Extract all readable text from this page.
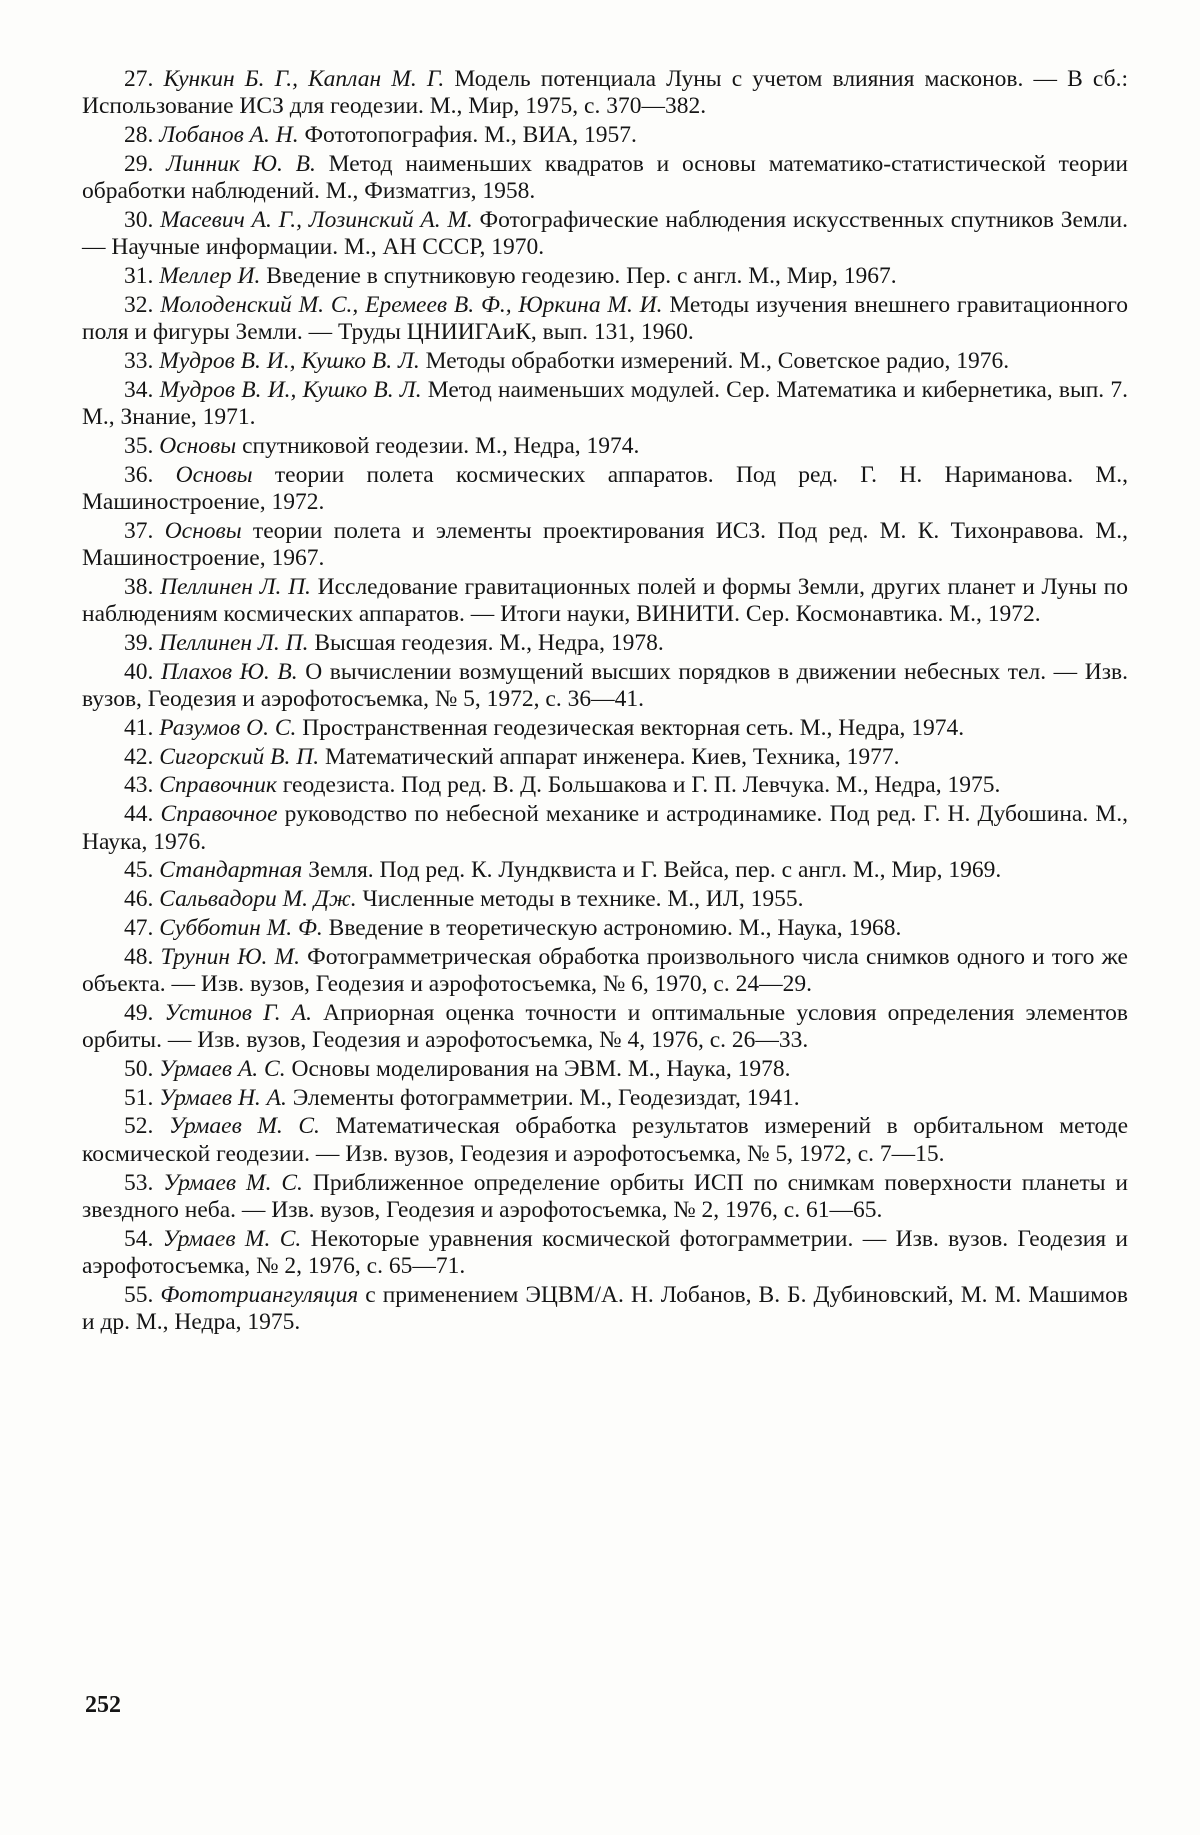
27. Кункин Б. Г., Каплан М. Г. Модель потенциала Луны с учетом влияния масконов. — В сб.: Использование ИСЗ для геодезии. М., Мир, 1975, с. 370—382.

28. Лобанов А. Н. Фототопография. М., ВИА, 1957.

29. Линник Ю. В. Метод наименьших квадратов и основы математико-статистической теории обработки наблюдений. М., Физматгиз, 1958.

30. Масевич А. Г., Лозинский А. М. Фотографические наблюдения искусственных спутников Земли. — Научные информации. М., АН СССР, 1970.

31. Меллер И. Введение в спутниковую геодезию. Пер. с англ. М., Мир, 1967.

32. Молоденский М. С., Еремеев В. Ф., Юркина М. И. Методы изучения внешнего гравитационного поля и фигуры Земли. — Труды ЦНИИГАиК, вып. 131, 1960.

33. Мудров В. И., Кушко В. Л. Методы обработки измерений. М., Советское радио, 1976.

34. Мудров В. И., Кушко В. Л. Метод наименьших модулей. Сер. Математика и кибернетика, вып. 7. М., Знание, 1971.

35. Основы спутниковой геодезии. М., Недра, 1974.

36. Основы теории полета космических аппаратов. Под ред. Г. Н. Наримановa. М., Машиностроение, 1972.

37. Основы теории полета и элементы проектирования ИСЗ. Под ред. М. К. Тихонравова. М., Машиностроение, 1967.

38. Пеллинен Л. П. Исследование гравитационных полей и формы Земли, других планет и Луны по наблюдениям космических аппаратов. — Итоги науки, ВИНИТИ. Сер. Космонавтика. М., 1972.

39. Пеллинен Л. П. Высшая геодезия. М., Недра, 1978.

40. Плахов Ю. В. О вычислении возмущений высших порядков в движении небесных тел. — Изв. вузов, Геодезия и аэрофотосъемка, № 5, 1972, с. 36—41.

41. Разумов О. С. Пространственная геодезическая векторная сеть. М., Недра, 1974.

42. Сигорский В. П. Математический аппарат инженера. Киев, Техника, 1977.

43. Справочник геодезиста. Под ред. В. Д. Большакова и Г. П. Левчука. М., Недра, 1975.

44. Справочное руководство по небесной механике и астродинамике. Под ред. Г. Н. Дубошина. М., Наука, 1976.

45. Стандартная Земля. Под ред. К. Лундквиста и Г. Вейса, пер. с англ. М., Мир, 1969.

46. Сальвадори М. Дж. Численные методы в технике. М., ИЛ, 1955.

47. Субботин М. Ф. Введение в теоретическую астрономию. М., Наука, 1968.

48. Трунин Ю. М. Фотограмметрическая обработка произвольного числа снимков одного и того же объекта. — Изв. вузов, Геодезия и аэрофотосъемка, № 6, 1970, с. 24—29.

49. Устинов Г. А. Априорная оценка точности и оптимальные условия определения элементов орбиты. — Изв. вузов, Геодезия и аэрофотосъемка, № 4, 1976, с. 26—33.

50. Урмаев А. С. Основы моделирования на ЭВМ. М., Наука, 1978.

51. Урмаев Н. А. Элементы фотограмметрии. М., Геодезиздат, 1941.

52. Урмаев М. С. Математическая обработка результатов измерений в орбитальном методе космической геодезии. — Изв. вузов, Геодезия и аэрофотосъемка, № 5, 1972, с. 7—15.

53. Урмаев М. С. Приближенное определение орбиты ИСП по снимкам поверхности планеты и звездного неба. — Изв. вузов, Геодезия и аэрофотосъемка, № 2, 1976, с. 61—65.

54. Урмаев М. С. Некоторые уравнения космической фотограмметрии. — Изв. вузов. Геодезия и аэрофотосъемка, № 2, 1976, с. 65—71.

55. Фототриангуляция с применением ЭЦВМ/А. Н. Лобанов, В. Б. Дубиновский, М. М. Машимов и др. М., Недра, 1975.

252
